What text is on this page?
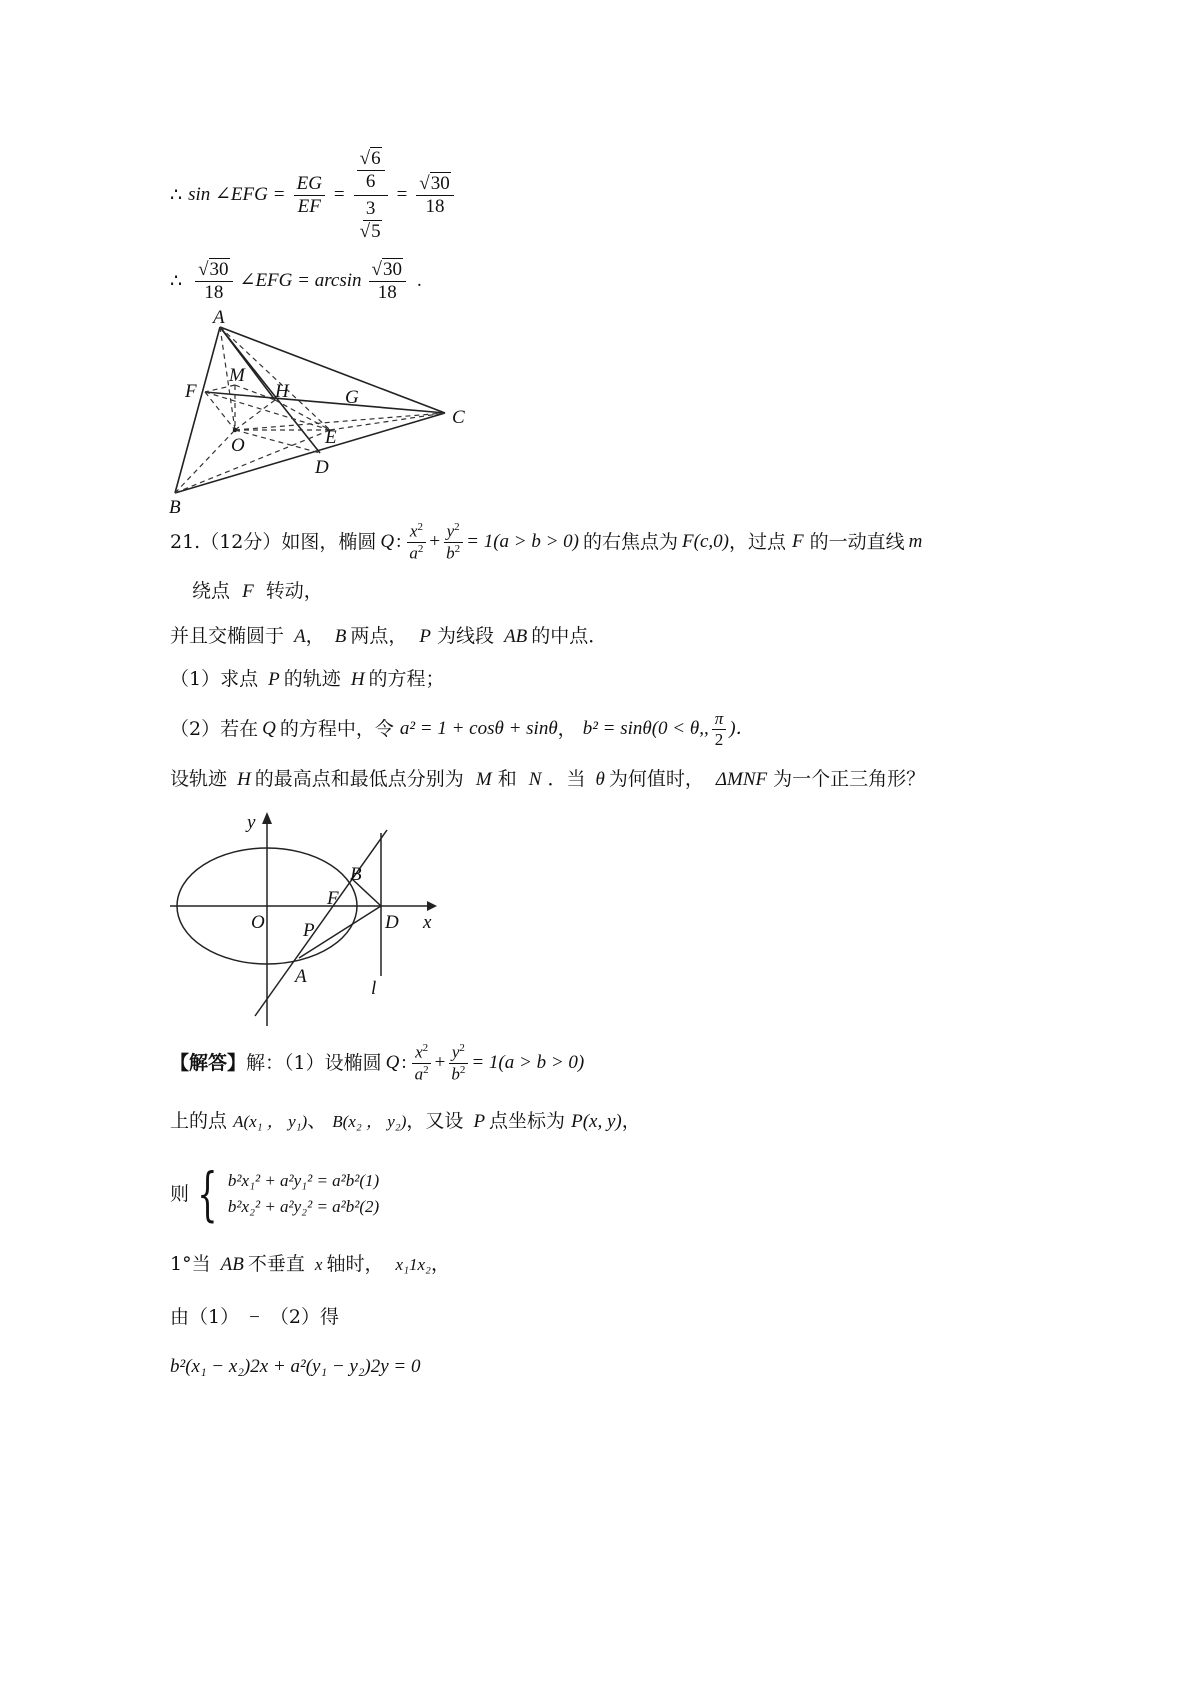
∴ sin ∠EFG = $\frac{EG}{EF} = \frac{\frac{√6}{6}}{\frac{3}{√5}} = \frac{√30}{18}$
∴ $\frac{√30}{18}$ ∠EFG = $\arcsin \frac{√30}{18}$ .
A
M
F	H	G
C
O	E
D
B
21.（12分）如图，椭圆 Q : $\frac{x^2}{a^2} + \frac{y^2}{b^2} = 1(a > b > 0)$ 的右焦点为 F(c,0) ，过点 F 的一动直线 m
绕点 F 转动，
并且交椭圆于 A， B 两点， P 为线段 AB 的中点．
（1）求点 P 的轨迹 H 的方程；
（2）若在 Q 的方程中，令 a² = 1 + cosθ + sinθ ， b² = sinθ(0 < θ,, $\frac{\pi}{2}$ )．
设轨迹 H 的最高点和最低点分别为 M 和 N ．当 θ 为何值时， ΔMNF 为一个正三角形？
y
x
O
F
B
P	D
A
l
【解答】 解：（1）设椭圆 Q : $\frac{x^2}{a^2} + \frac{y^2}{b^2} = 1(a > b > 0)$
上的点 A(x₁ ， y₁)、 B(x₂ ， y₂)，又设 P 点坐标为 P(x, y)，
则 { b²x₁² + a²y₁² = a²b²(1)
b²x₂² + a²y₂² = a²b²(2)
1°当 AB 不垂直 x 轴时， x₁1x₂，
由（1） − （2）得
b²(x₁ − x₂)2x + a²(y₁ − y₂)2y = 0
